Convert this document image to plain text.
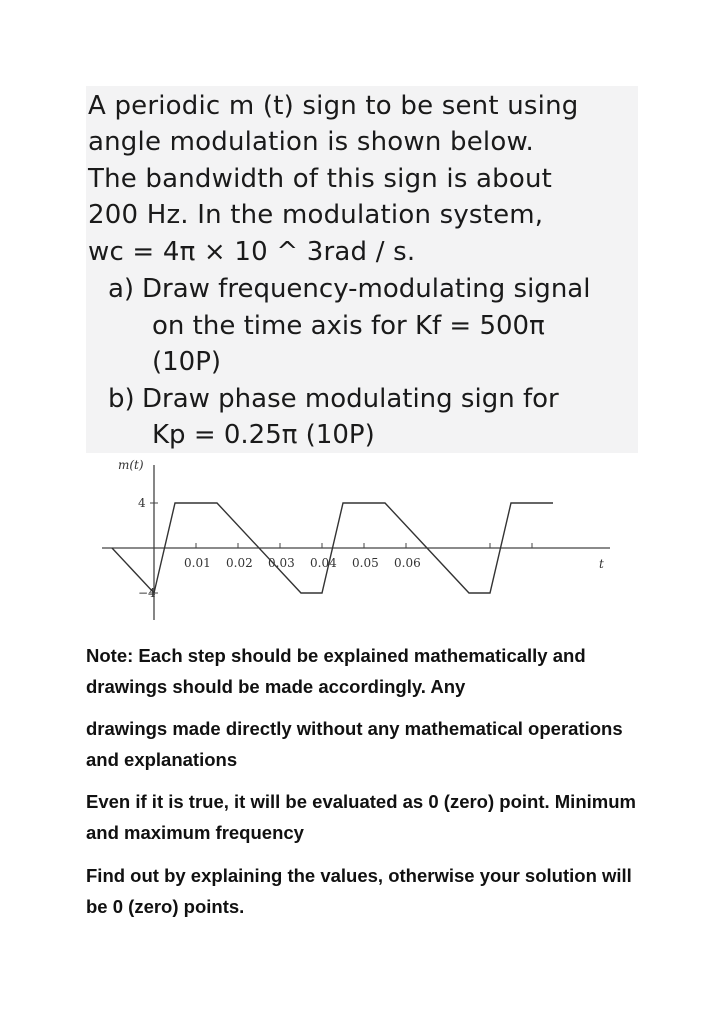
A periodic m (t) sign to be sent using
angle modulation is shown below.
The bandwidth of this sign is about
200 Hz. In the modulation system,
wc = 4π × 10 ^ 3rad / s.
a) Draw frequency-modulating signal
on the time axis for Kf = 500π
(10P)
b) Draw phase modulating sign for
Kp = 0.25π (10P)
4
−4
m(t)
t
0.01 0.02 0.03 0.04 0.05 0.06
Note: Each step should be explained mathematically and drawings should be made accordingly. Any
drawings made directly without any mathematical operations and explanations
Even if it is true, it will be evaluated as 0 (zero) point. Minimum and maximum frequency
Find out by explaining the values, otherwise your solution will be 0 (zero) points.
